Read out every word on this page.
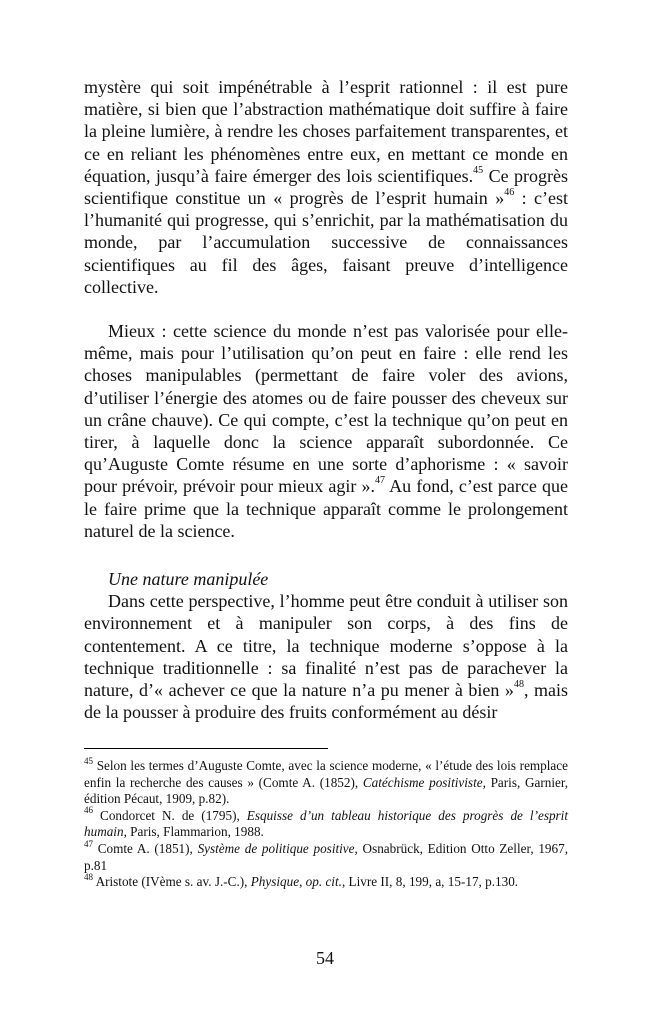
mystère qui soit impénétrable à l’esprit rationnel : il est pure matière, si bien que l’abstraction mathématique doit suffire à faire la pleine lumière, à rendre les choses parfaitement transparentes, et ce en reliant les phénomènes entre eux, en mettant ce monde en équation, jusqu’à faire émerger des lois scientifiques.$^{45}$ Ce progrès scientifique constitue un « progrès de l’esprit humain »$^{46}$ : c’est l’humanité qui progresse, qui s’enrichit, par la mathématisation du monde, par l’accumulation successive de connaissances scientifiques au fil des âges, faisant preuve d’intelligence collective.

Mieux : cette science du monde n’est pas valorisée pour elle-même, mais pour l’utilisation qu’on peut en faire : elle rend les choses manipulables (permettant de faire voler des avions, d’utiliser l’énergie des atomes ou de faire pousser des cheveux sur un crâne chauve). Ce qui compte, c’est la technique qu’on peut en tirer, à laquelle donc la science apparaît subordonnée. Ce qu’Auguste Comte résume en une sorte d’aphorisme : « savoir pour prévoir, prévoir pour mieux agir ».$^{47}$ Au fond, c’est parce que le faire prime que la technique apparaît comme le prolongement naturel de la science.

Une nature manipulée

Dans cette perspective, l’homme peut être conduit à utiliser son environnement et à manipuler son corps, à des fins de contentement. A ce titre, la technique moderne s’oppose à la technique traditionnelle : sa finalité n’est pas de parachever la nature, d’« achever ce que la nature n’a pu mener à bien »$^{48}$, mais de la pousser à produire des fruits conformément au désir

$^{45}$ Selon les termes d’Auguste Comte, avec la science moderne, « l’étude des lois remplace enfin la recherche des causes » (Comte A. (1852), Catéchisme positiviste, Paris, Garnier, édition Pécaut, 1909, p.82).

$^{46}$ Condorcet N. de (1795), Esquisse d’un tableau historique des progrès de l’esprit humain, Paris, Flammarion, 1988.

$^{47}$ Comte A. (1851), Système de politique positive, Osnabrück, Edition Otto Zeller, 1967, p.81

$^{48}$ Aristote (IVème s. av. J.-C.), Physique, op. cit., Livre II, 8, 199, a, 15-17, p.130.

54
